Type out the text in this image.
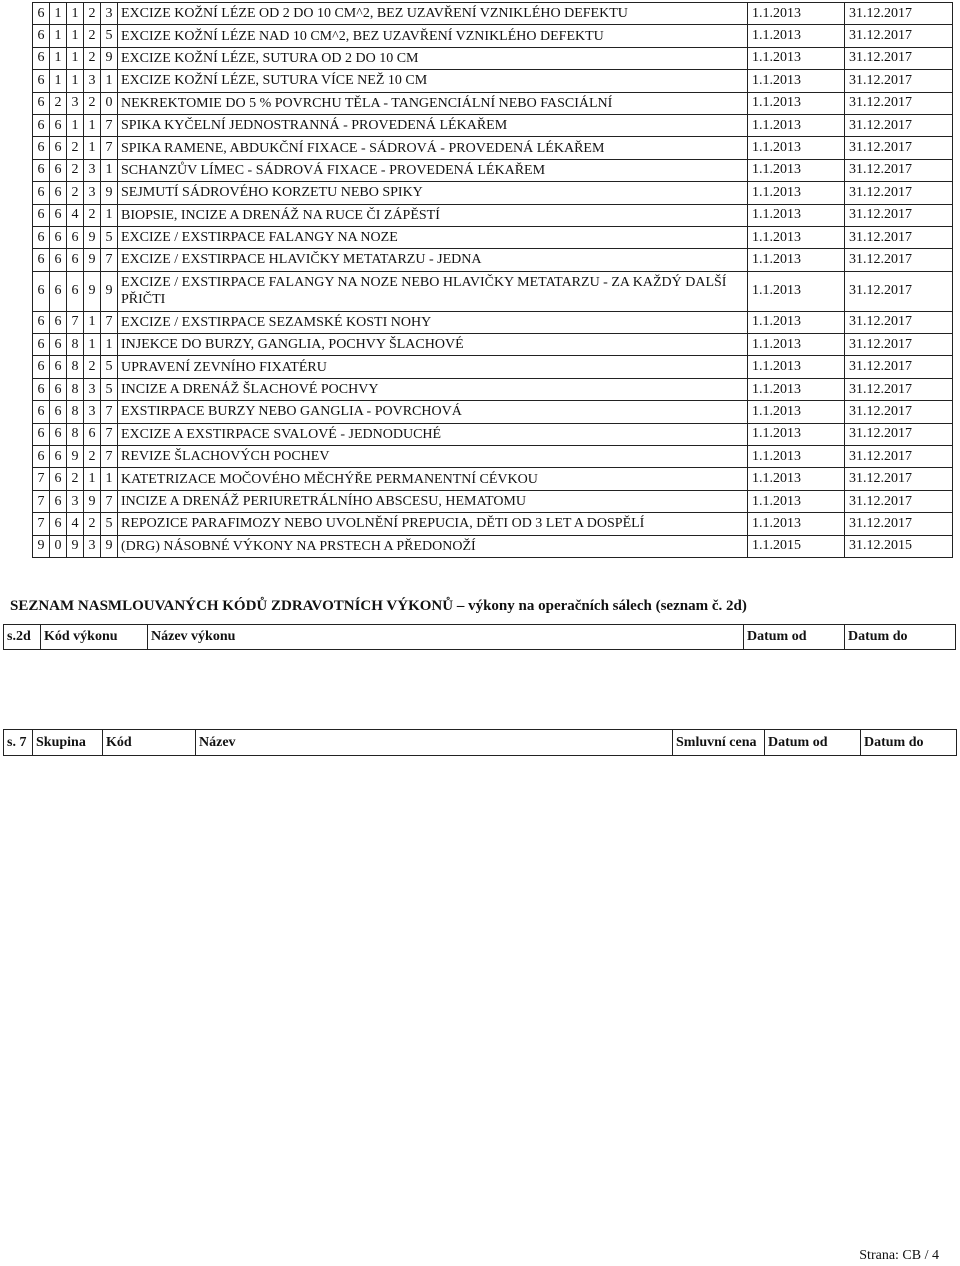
6	1	1	2	3	EXCIZE KOŽNÍ LÉZE OD 2 DO 10 CM^2, BEZ UZAVŘENÍ VZNIKLÉHO DEFEKTU	1.1.2013	31.12.2017
6	1	1	2	5	EXCIZE KOŽNÍ LÉZE NAD 10 CM^2, BEZ UZAVŘENÍ VZNIKLÉHO DEFEKTU	1.1.2013	31.12.2017
6	1	1	2	9	EXCIZE KOŽNÍ LÉZE, SUTURA OD 2 DO 10 CM	1.1.2013	31.12.2017
6	1	1	3	1	EXCIZE KOŽNÍ LÉZE, SUTURA VÍCE NEŽ 10 CM	1.1.2013	31.12.2017
6	2	3	2	0	NEKREKTOMIE DO 5 % POVRCHU TĚLA - TANGENCIÁLNÍ NEBO FASCIÁLNÍ	1.1.2013	31.12.2017
6	6	1	1	7	SPIKA KYČELNÍ JEDNOSTRANNÁ - PROVEDENÁ LÉKAŘEM	1.1.2013	31.12.2017
6	6	2	1	7	SPIKA RAMENE, ABDUKČNÍ FIXACE - SÁDROVÁ - PROVEDENÁ LÉKAŘEM	1.1.2013	31.12.2017
6	6	2	3	1	SCHANZŮV LÍMEC - SÁDROVÁ FIXACE - PROVEDENÁ LÉKAŘEM	1.1.2013	31.12.2017
6	6	2	3	9	SEJMUTÍ SÁDROVÉHO KORZETU NEBO SPIKY	1.1.2013	31.12.2017
6	6	4	2	1	BIOPSIE, INCIZE A DRENÁŽ NA RUCE ČI ZÁPĚSTÍ	1.1.2013	31.12.2017
6	6	6	9	5	EXCIZE / EXSTIRPACE FALANGY NA NOZE	1.1.2013	31.12.2017
6	6	6	9	7	EXCIZE / EXSTIRPACE HLAVIČKY METATARZU - JEDNA	1.1.2013	31.12.2017
6	6	6	9	9	EXCIZE / EXSTIRPACE FALANGY NA NOZE NEBO HLAVIČKY METATARZU - ZA KAŽDÝ DALŠÍ PŘIČTI	1.1.2013	31.12.2017
6	6	7	1	7	EXCIZE / EXSTIRPACE SEZAMSKÉ KOSTI NOHY	1.1.2013	31.12.2017
6	6	8	1	1	INJEKCE DO BURZY, GANGLIA, POCHVY ŠLACHOVÉ	1.1.2013	31.12.2017
6	6	8	2	5	UPRAVENÍ ZEVNÍHO FIXATÉRU	1.1.2013	31.12.2017
6	6	8	3	5	INCIZE A DRENÁŽ ŠLACHOVÉ POCHVY	1.1.2013	31.12.2017
6	6	8	3	7	EXSTIRPACE BURZY NEBO GANGLIA - POVRCHOVÁ	1.1.2013	31.12.2017
6	6	8	6	7	EXCIZE A EXSTIRPACE SVALOVÉ - JEDNODUCHÉ	1.1.2013	31.12.2017
6	6	9	2	7	REVIZE ŠLACHOVÝCH POCHEV	1.1.2013	31.12.2017
7	6	2	1	1	KATETRIZACE MOČOVÉHO MĚCHÝŘE PERMANENTNÍ CÉVKOU	1.1.2013	31.12.2017
7	6	3	9	7	INCIZE A DRENÁŽ PERIURETRÁLNÍHO ABSCESU, HEMATOMU	1.1.2013	31.12.2017
7	6	4	2	5	REPOZICE PARAFIMOZY NEBO UVOLNĚNÍ PREPUCIA, DĚTI OD 3 LET A DOSPĚLÍ	1.1.2013	31.12.2017
9	0	9	3	9	(DRG) NÁSOBNÉ VÝKONY NA PRSTECH A PŘEDONOŽÍ	1.1.2015	31.12.2015
SEZNAM NASMLOUVANÝCH KÓDŮ ZDRAVOTNÍCH VÝKONŮ – výkony na operačních sálech (seznam č. 2d)
s.2d	Kód výkonu	Název výkonu	Datum od	Datum do
s. 7	Skupina	Kód	Název	Smluvní cena	Datum od	Datum do
Strana: CB / 4
